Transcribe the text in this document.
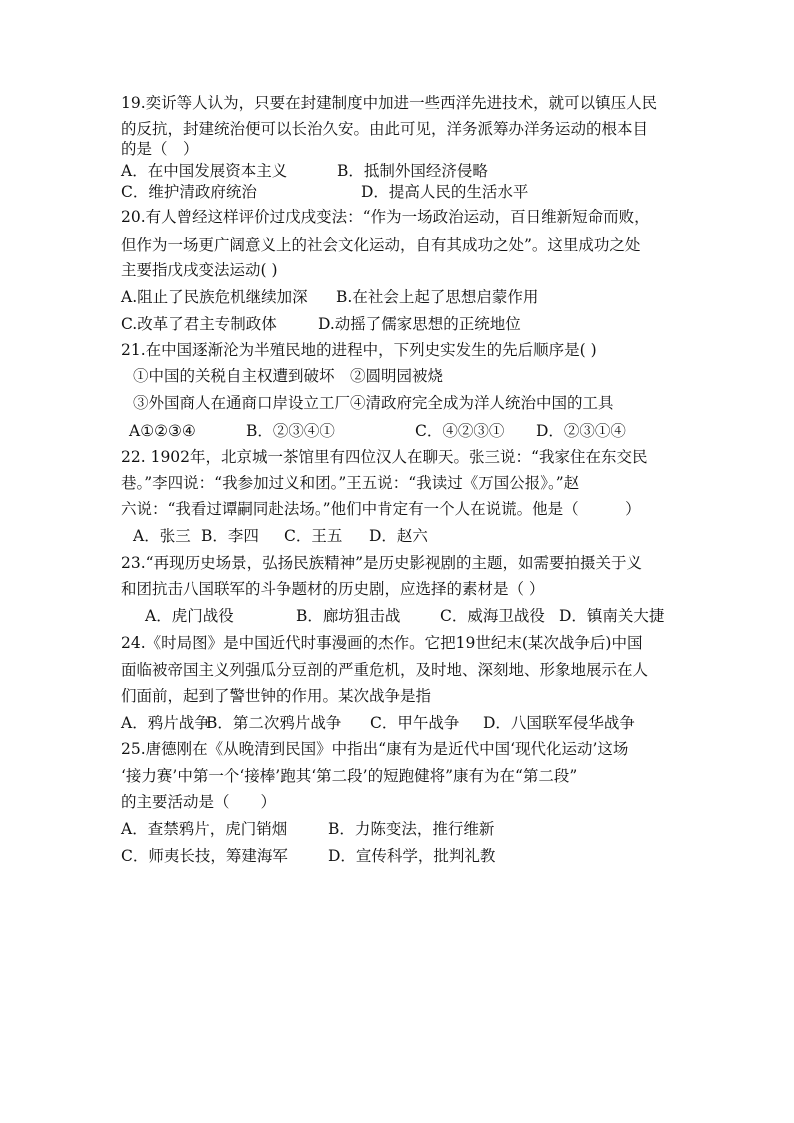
19.奕䜣等人认为，只要在封建制度中加进一些西洋先进技术，就可以镇压人民
的反抗，封建统治便可以长治久安。由此可见，洋务派筹办洋务运动的根本目
的是（　）
A．在中国发展资本主义	B．抵制外国经济侵略
C．维护清政府统治	D．提高人民的生活水平
20.有人曾经这样评价过戊戌变法：“作为一场政治运动，百日维新短命而败，
但作为一场更广阔意义上的社会文化运动，自有其成功之处”。这里成功之处
主要指戊戌变法运动( )
A.阻止了民族危机继续加深 B.在社会上起了思想启蒙作用
C.改革了君主专制政体	D.动摇了儒家思想的正统地位
21.在中国逐渐沦为半殖民地的进程中，下列史实发生的先后顺序是( )
①中国的关税自主权遭到破坏　②圆明园被烧
③外国商人在通商口岸设立工厂④清政府完全成为洋人统治中国的工具
A①②③④	B．②③④①	C．④②③① D．②③①④
22. 1902年，北京城一茶馆里有四位汉人在聊天。张三说：“我家住在东交民
巷。”李四说：“我参加过义和团。”王五说：“我读过《万国公报》。”赵
六说：“我看过谭嗣同赴法场。”他们中肯定有一个人在说谎。他是（　　　）
A．张三 B．李四 C．王五 D．赵六
23.“再现历史场景，弘扬民族精神”是历史影视剧的主题，如需要拍摄关于义
和团抗击八国联军的斗争题材的历史剧，应选择的素材是（ ）
A．虎门战役	B．廊坊狙击战	C．威海卫战役 D．镇南关大捷
24.《时局图》是中国近代时事漫画的杰作。它把19世纪末(某次战争后)中国
面临被帝国主义列强瓜分豆剖的严重危机，及时地、深刻地、形象地展示在人
们面前，起到了警世钟的作用。某次战争是指
A．鸦片战争
B．第二次鸦片战争 C．甲午战争 D．八国联军侵华战争
25.唐德刚在《从晚清到民国》中指出“康有为是近代中国‘现代化运动’这场
‘接力赛’中第一个‘接棒’跑其‘第二段’的短跑健将”康有为在“第二段”
的主要活动是（　　）
A．查禁鸦片，虎门销烟	B．力陈变法，推行维新
C．师夷长技，筹建海军	D．宣传科学，批判礼教
